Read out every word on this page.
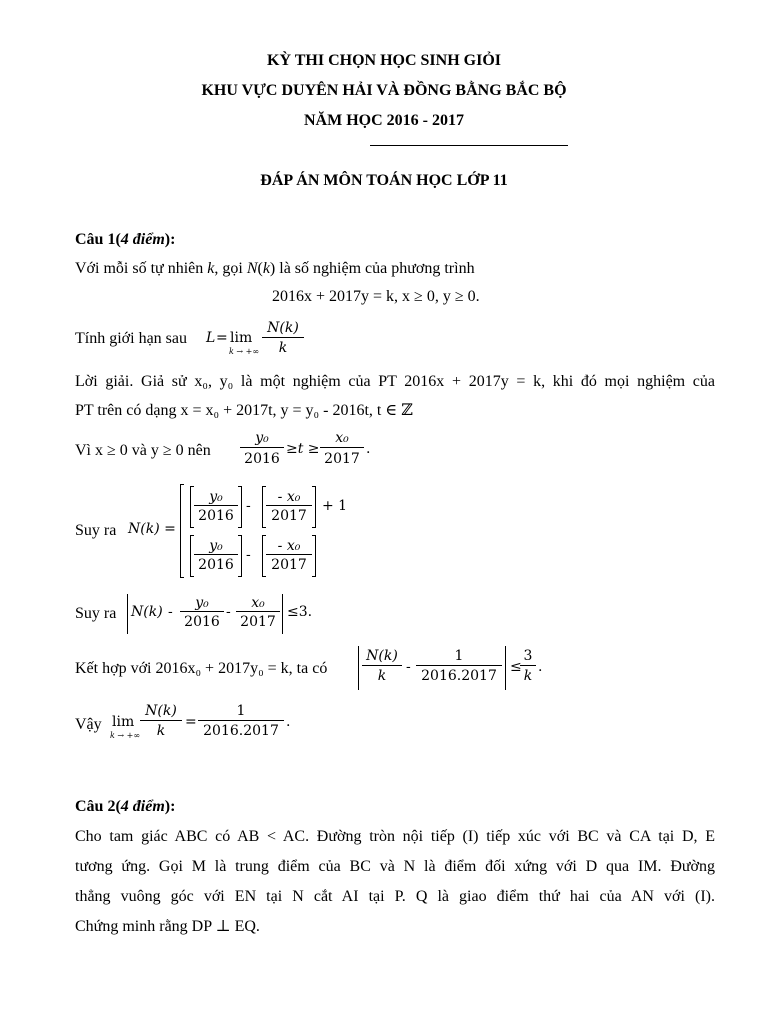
KỲ THI CHỌN HỌC SINH GIỎI
KHU VỰC DUYÊN HẢI VÀ ĐỒNG BẰNG BẮC BỘ
NĂM HỌC 2016 - 2017
ĐÁP ÁN MÔN TOÁN HỌC LỚP 11
Câu 1(4 điểm):
Với mỗi số tự nhiên k, gọi N(k) là số nghiệm của phương trình
2016x + 2017y = k, x ≥ 0, y ≥ 0.
Tính giới hạn sau	L = lim
k → +∞
N(k)
k
Lời giải. Giả sử x₀, y₀ là một nghiệm của PT 2016x + 2017y = k, khi đó mọi nghiệm của
PT trên có dạng x = x₀ + 2017t, y = y₀ - 2016t, t ∈ ℤ
Vì x ≥ 0 và y ≥ 0 nên
y₀
2016
≥t ≥
x₀
2017
.
Suy ra N(k) =
y₀
2016
-
- x₀
2017
+ 1
y₀
2016
-
- x₀
2017
Suy ra	N(k) -
y₀
2016
-
x₀
2017
≤3.
Kết hợp với 2016x₀ + 2017y₀ = k, ta có
N(k)
k
-
1
2016.2017
≤
3
k
.
Vậy lim
k → +∞
N(k)
k
=
1
2016.2017
.
Câu 2(4 điểm):
Cho tam giác ABC có AB < AC. Đường tròn nội tiếp (I) tiếp xúc với BC và CA tại D, E
tương ứng. Gọi M là trung điểm của BC và N là điểm đối xứng với D qua IM. Đường
thẳng vuông góc với EN tại N cắt AI tại P. Q là giao điểm thứ hai của AN với (I).
Chứng minh rằng DP ⊥ EQ.
